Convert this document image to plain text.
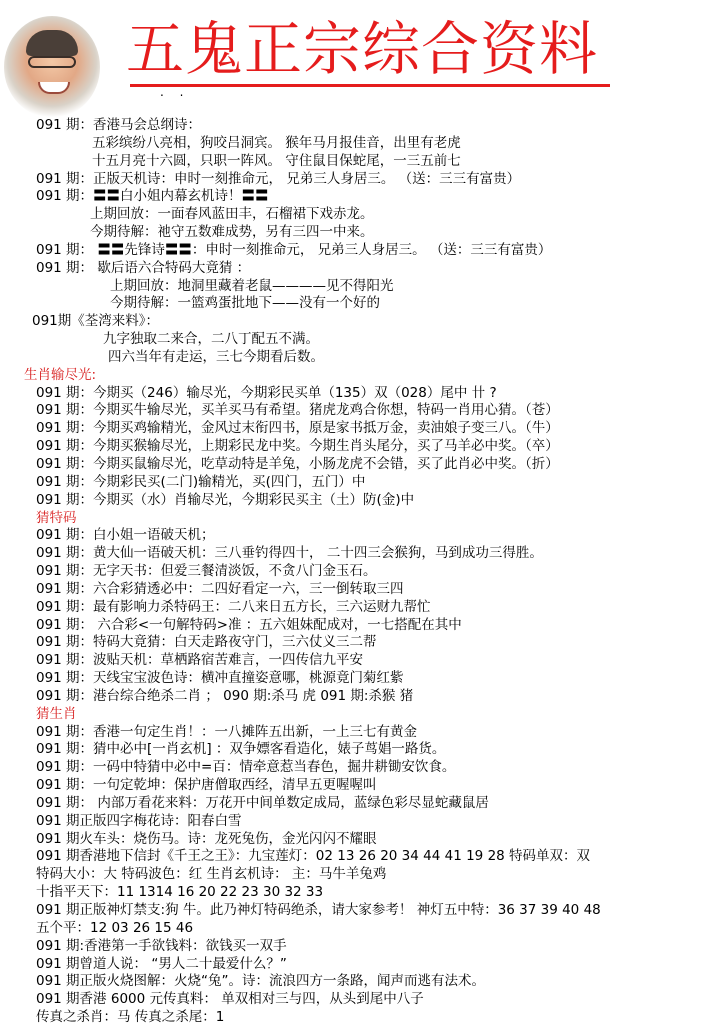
五鬼正宗综合资料
. .
091 期：香港马会总纲诗：
五彩缤纷八亮相，狗咬吕洞宾。 猴年马月报佳音，出里有老虎
十五月亮十六圆，只职一阵风。 守住鼠目保蛇尾，一三五前七
091 期：正版天机诗：申时一刻推命元， 兄弟三人身居三。 （送：三三有富贵）
091 期：〓〓白小姐内幕玄机诗！〓〓
上期回放：一面春风蓝田丰，石榴裙下戏赤龙。
今期待解：祂守五数难成势，另有三四一中来。
091 期： 〓〓先锋诗〓〓：申时一刻推命元， 兄弟三人身居三。 （送：三三有富贵）
091 期： 歇后语六合特码大竟猜 ：
上期回放：地洞里藏着老鼠————见不得阳光
今期待解：一篮鸡蛋批地下——没有一个好的
091期《荃湾来料》：
九字独取二来合，二八丁配五不满。
四六当年有走运，三七今期看后数。
生肖输尽光:
091 期：今期买（246）输尽光，今期彩民买单（135）双（028）尾中 卄 ?
091 期：今期买牛输尽光，买羊买马有希望。猪虎龙鸡合你想，特码一肖用心猜。（苍）
091 期：今期买鸡输精光，金风过末衔四书，原是家书抵万金，卖油娘子变三八。（牛）
091 期：今期买猴输尽光，上期彩民龙中奖。今期生肖头尾分，买了马羊必中奖。（卒）
091 期：今期买鼠输尽光，吃草动特是羊兔，小肠龙虎不会错，买了此肖必中奖。（折）
091 期：今期彩民买(二门)输精光，买(四门，五门）中
091 期：今期买（水）肖输尽光，今期彩民买主（土）防(金)中
猜特码
091 期：白小姐一语破天机；
091 期：黄大仙一语破天机：三八垂钓得四十， 二十四三会猴狗，马到成功三得胜。
091 期：无字天书：但爱三餐清淡饭，不贪八门金玉石。
091 期：六合彩猜透必中：二四好看定一六，三一倒转取三四
091 期：最有影响力杀特码王：二八来日五方长，三六运财九帮忙
091 期： 六合彩<一句解特码>准 ：五六姐妹配成对，一七搭配在其中
091 期：特码大竟猜：白天走路夜守门，三六仗义三二帮
091 期：波贴天机：草栖路宿苦难言，一四传信九平安
091 期：天线宝宝波色诗：横冲直撞姿意哪，桃源竟门菊红紫
091 期：港台综合绝杀二肖 ； 090 期:杀马 虎 091 期:杀猴 猪
猜生肖
091 期：香港一句定生肖！：一八摊阵五出新，一上三七有黄金
091 期：猜中必中[一肖玄机] ：双争嫖客看造化，婊子茑娼一路货。
091 期：一码中特猜中必中=百：情牵意惹当春色，掘井耕锄安饮食。
091 期：一句定乾坤：保护唐僧取西经，清早五更喔喔叫
091 期： 内部万看花来料：万花开中间单数定成局，蓝绿色彩尽显蛇藏鼠居
091 期正版四字梅花诗：阳春白雪
091 期火车头：烧伤马。诗：龙死兔伤，金光闪闪不耀眼
091 期香港地下信封《千王之王》：九宝莲灯：02 13 26 20 34 44 41 19 28 特码单双：双
特码大小：大 特码波色：红 生肖玄机诗： 主：马牛羊兔鸡
十指平天下：11 1314 16 20 22 23 30 32 33
091 期正版神灯禁支:狗 牛。此乃神灯特码绝杀，请大家参考！ 神灯五中特：36 37 39 40 48
五个平：12 03 26 15 46
091 期:香港第一手欲钱料：欲钱买一双手
091 期曾道人说： “男人二十最爱什么？”
091 期正版火烧图解：火烧“兔”。诗：流浪四方一条路，闻声而逃有法术。
091 期香港 6000 元传真料： 单双相对三与四，从头到尾中八子
传真之杀肖：马 传真之杀尾：1
